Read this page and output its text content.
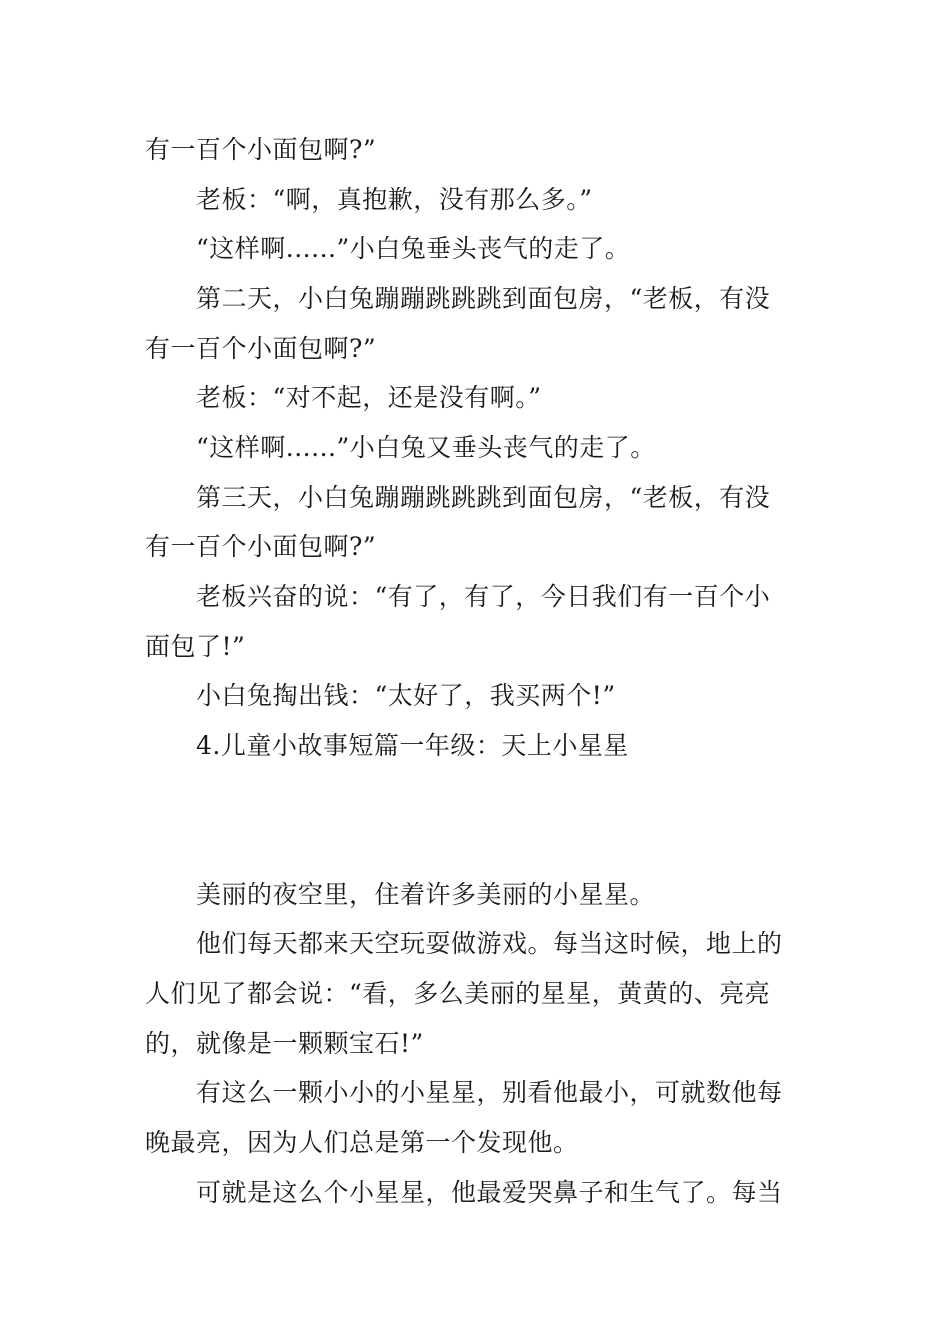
有一百个小面包啊?”
老板：“啊，真抱歉，没有那么多。”
“这样啊......”小白兔垂头丧气的走了。
第二天，小白兔蹦蹦跳跳跳到面包房，“老板，有没
有一百个小面包啊?”
老板：“对不起，还是没有啊。”
“这样啊......”小白兔又垂头丧气的走了。
第三天，小白兔蹦蹦跳跳跳到面包房，“老板，有没
有一百个小面包啊?”
老板兴奋的说：“有了，有了，今日我们有一百个小
面包了!”
小白兔掏出钱：“太好了，我买两个!”
4.儿童小故事短篇一年级：天上小星星
美丽的夜空里，住着许多美丽的小星星。
他们每天都来天空玩耍做游戏。每当这时候，地上的
人们见了都会说：“看，多么美丽的星星，黄黄的、亮亮
的，就像是一颗颗宝石!”
有这么一颗小小的小星星，别看他最小，可就数他每
晚最亮，因为人们总是第一个发现他。
可就是这么个小星星，他最爱哭鼻子和生气了。每当
